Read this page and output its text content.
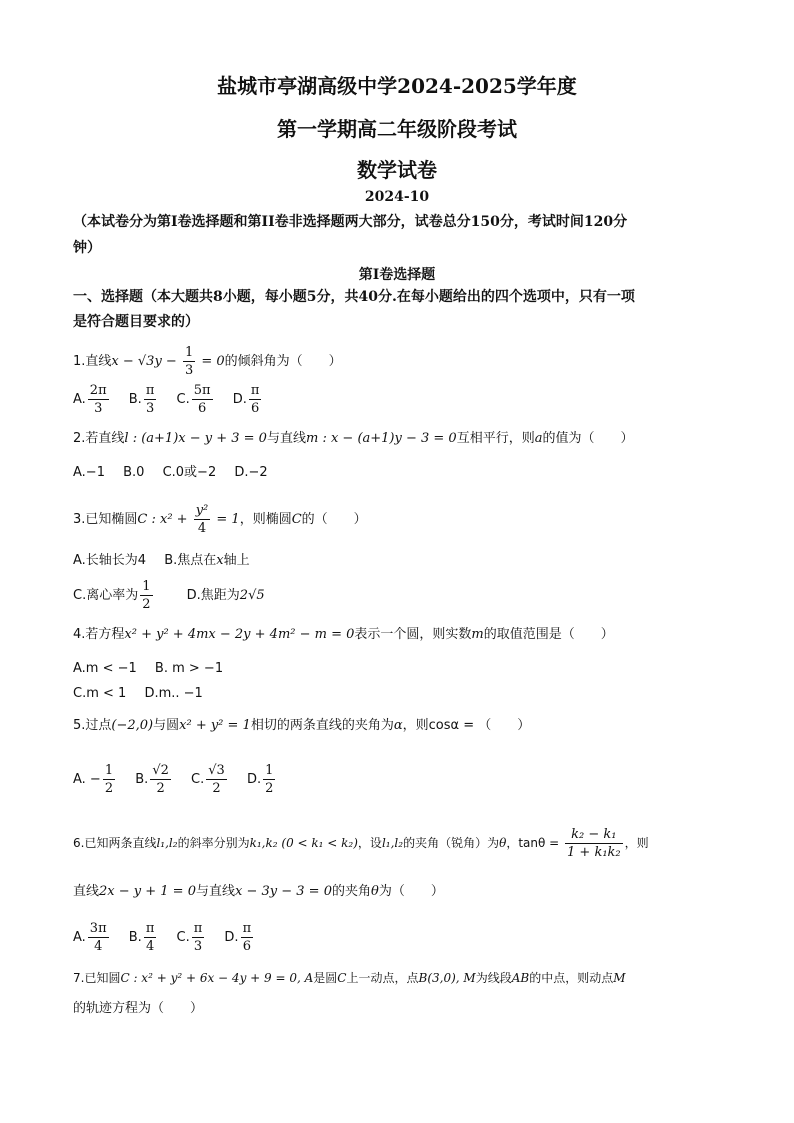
盐城市亭湖高级中学2024-2025学年度
第一学期高二年级阶段考试
数学试卷
2024-10
（本试卷分为第I卷选择题和第II卷非选择题两大部分，试卷总分150分，考试时间120分
钟）
第I卷选择题
一、选择题（本大题共8小题，每小题5分，共40分.在每小题给出的四个选项中，只有一项
是符合题目要求的）
1.直线$x - √3y - \frac{1}{3} = 0$的倾斜角为（　　）
A. $\frac{2\pi}{3} B$. $\frac{\pi}{3} C$. $\frac{5\pi}{6} D$. $\frac{\pi}{6}$
2.若直线l : (a+1)x − y + 3 = 0与直线m : x − (a+1)y − 3 = 0互相平行，则a的值为（　　）
A.−1 B.0 C.0或−2 D.−2
3.已知椭圆C : $x^2 + \frac{\text{y²}}{4} = 1$，则椭圆C的（　　）
A.长轴长为4 B.焦点在x轴上
C.离心率为 $\frac{1}{2}$	D.焦距为2√5
4.若方程x² + y² + 4mx − 2y + 4m² − m = 0表示一个圆，则实数m的取值范围是（　　）
A.m < −1 B. m > −1
C.m < 1 D.m.. −1
5.过点(−2,0)与圆x² + y² = 1相切的两条直线的夹角为α，则cosα = （　　）
A. − $\frac{1}{2} B$. $\frac{√2}{2} C$. $\frac{√3}{2} D$. $\frac{1}{2}$
6.已知两条直线l₁,l₂的斜率分别为k₁,k₂ (0 < k₁ < k₂)，设l₁,l₂的夹角（锐角）为θ，$\tan\theta = \frac{\text{k₂ − k₁}}{\text{1 + k₁k₂}}$ ，则
直线2x − y + 1 = 0与直线x − 3y − 3 = 0的夹角θ为（　　）
A. $\frac{3\pi}{4} B$. $\frac{\pi}{4} C$. $\frac{\pi}{3} D$. $\frac{\pi}{6}$
7.已知圆C : x² + y² + 6x − 4y + 9 = 0, A是圆C上一动点，点B(3,0), M为线段AB的中点，则动点M
的轨迹方程为（　　）
